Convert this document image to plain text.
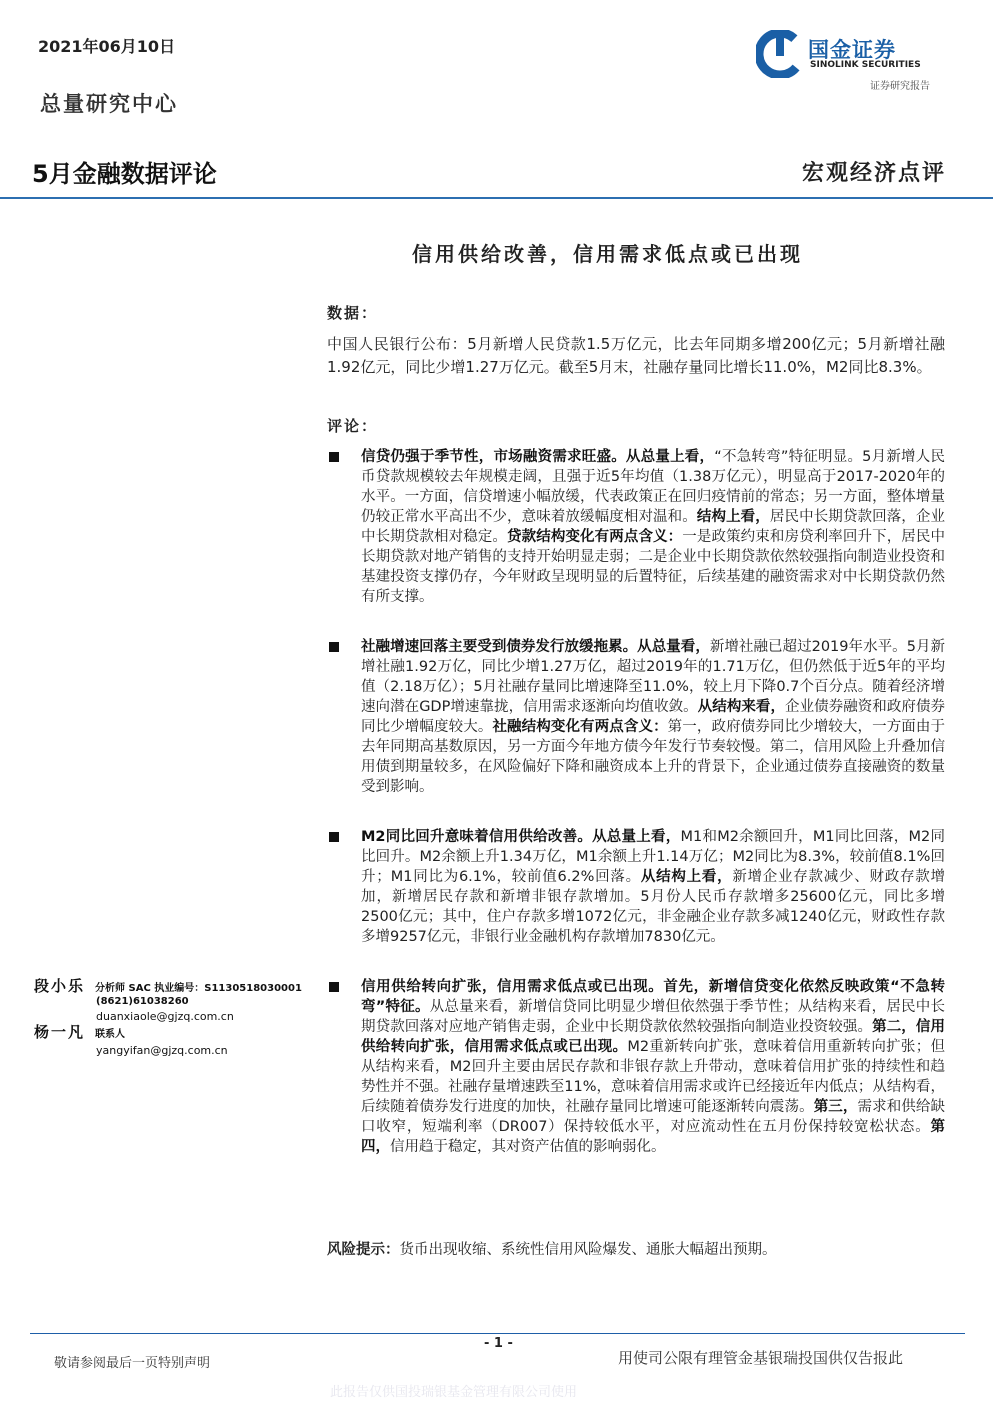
2021年06月10日
总量研究中心
国金证券
SINOLINK SECURITIES
证券研究报告
5月金融数据评论	宏观经济点评
信用供给改善，信用需求低点或已出现
数据：
中国人民银行公布：5月新增人民贷款1.5万亿元，比去年同期多增200亿元；5月新增社融1.92亿元，同比少增1.27万亿元。截至5月末，社融存量同比增长11.0%，M2同比8.3%。
评论：
信贷仍强于季节性，市场融资需求旺盛。从总量上看，“不急转弯”特征明显。5月新增人民币贷款规模较去年规模走阔，且强于近5年均值（1.38万亿元），明显高于2017-2020年的水平。一方面，信贷增速小幅放缓，代表政策正在回归疫情前的常态；另一方面，整体增量仍较正常水平高出不少，意味着放缓幅度相对温和。结构上看，居民中长期贷款回落，企业中长期贷款相对稳定。贷款结构变化有两点含义：一是政策约束和房贷利率回升下，居民中长期贷款对地产销售的支持开始明显走弱；二是企业中长期贷款依然较强指向制造业投资和基建投资支撑仍存，今年财政呈现明显的后置特征，后续基建的融资需求对中长期贷款仍然有所支撑。
社融增速回落主要受到债券发行放缓拖累。从总量看，新增社融已超过2019年水平。5月新增社融1.92万亿，同比少增1.27万亿，超过2019年的1.71万亿，但仍然低于近5年的平均值（2.18万亿）；5月社融存量同比增速降至11.0%，较上月下降0.7个百分点。随着经济增速向潜在GDP增速靠拢，信用需求逐渐向均值收敛。从结构来看，企业债券融资和政府债券同比少增幅度较大。社融结构变化有两点含义：第一，政府债券同比少增较大，一方面由于去年同期高基数原因，另一方面今年地方债今年发行节奏较慢。第二，信用风险上升叠加信用债到期量较多，在风险偏好下降和融资成本上升的背景下，企业通过债券直接融资的数量受到影响。
M2同比回升意味着信用供给改善。从总量上看，M1和M2余额回升，M1同比回落，M2同比回升。M2余额上升1.34万亿，M1余额上升1.14万亿；M2同比为8.3%，较前值8.1%回升；M1同比为6.1%，较前值6.2%回落。从结构上看，新增企业存款减少、财政存款增加，新增居民存款和新增非银存款增加。5月份人民币存款增多25600亿元，同比多增2500亿元；其中，住户存款多增1072亿元，非金融企业存款多减1240亿元，财政性存款多增9257亿元，非银行业金融机构存款增加7830亿元。
信用供给转向扩张，信用需求低点或已出现。首先，新增信贷变化依然反映政策“不急转弯”特征。从总量来看，新增信贷同比明显少增但依然强于季节性；从结构来看，居民中长期贷款回落对应地产销售走弱，企业中长期贷款依然较强指向制造业投资较强。第二，信用供给转向扩张，信用需求低点或已出现。M2重新转向扩张，意味着信用重新转向扩张；但从结构来看，M2回升主要由居民存款和非银存款上升带动，意味着信用扩张的持续性和趋势性并不强。社融存量增速跌至11%，意味着信用需求或许已经接近年内低点；从结构看，后续随着债券发行进度的加快，社融存量同比增速可能逐渐转向震荡。第三，需求和供给缺口收窄，短端利率（DR007）保持较低水平，对应流动性在五月份保持较宽松状态。第四，信用趋于稳定，其对资产估值的影响弱化。
段小乐 分析师 SAC 执业编号：S1130518030001
(8621)61038260
duanxiaole@gjzq.com.cn
杨一凡 联系人
yangyifan@gjzq.com.cn
风险提示：货币出现收缩、系统性信用风险爆发、通胀大幅超出预期。
- 1 -
敬请参阅最后一页特别声明	用使司公限有理管金基银瑞投国供仅告报此
此报告仅供国投瑞银基金管理有限公司使用
